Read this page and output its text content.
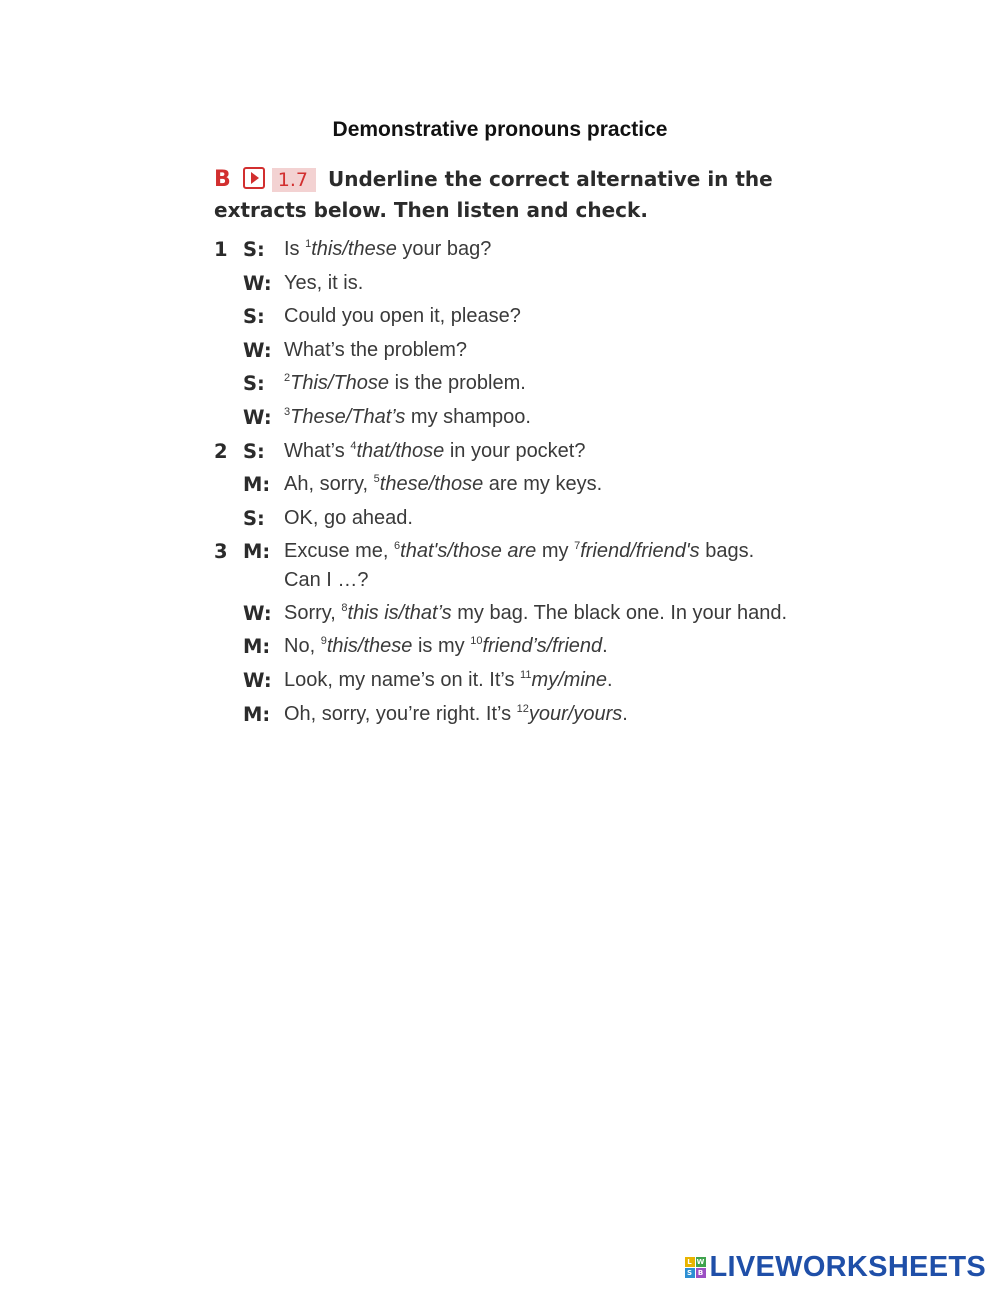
Demonstrative pronouns practice
B 1.7 Underline the correct alternative in the extracts below. Then listen and check.
1 S: Is $^1$this/these your bag?
W: Yes, it is.
S: Could you open it, please?
W: What’s the problem?
S:	$^2$This/Those is the problem.
W:	$^3$These/That’s my shampoo.
2 S: What’s $^4$that/those in your pocket?
M: Ah, sorry, $^5$these/those are my keys.
S: OK, go ahead.
3 M: Excuse me, $^6$that's/those are my $^7$friend/friend's bags. Can I …?
W: Sorry, $^8$this is/that’s my bag. The black one. In your hand.
M: No, $^9$this/these is my $^{10}$friend’s/friend.
W: Look, my name’s on it. It’s $^{11}$my/mine.
M: Oh, sorry, you’re right. It’s $^{12}$your/yours.
L W
S B LIVEWORKSHEETS
